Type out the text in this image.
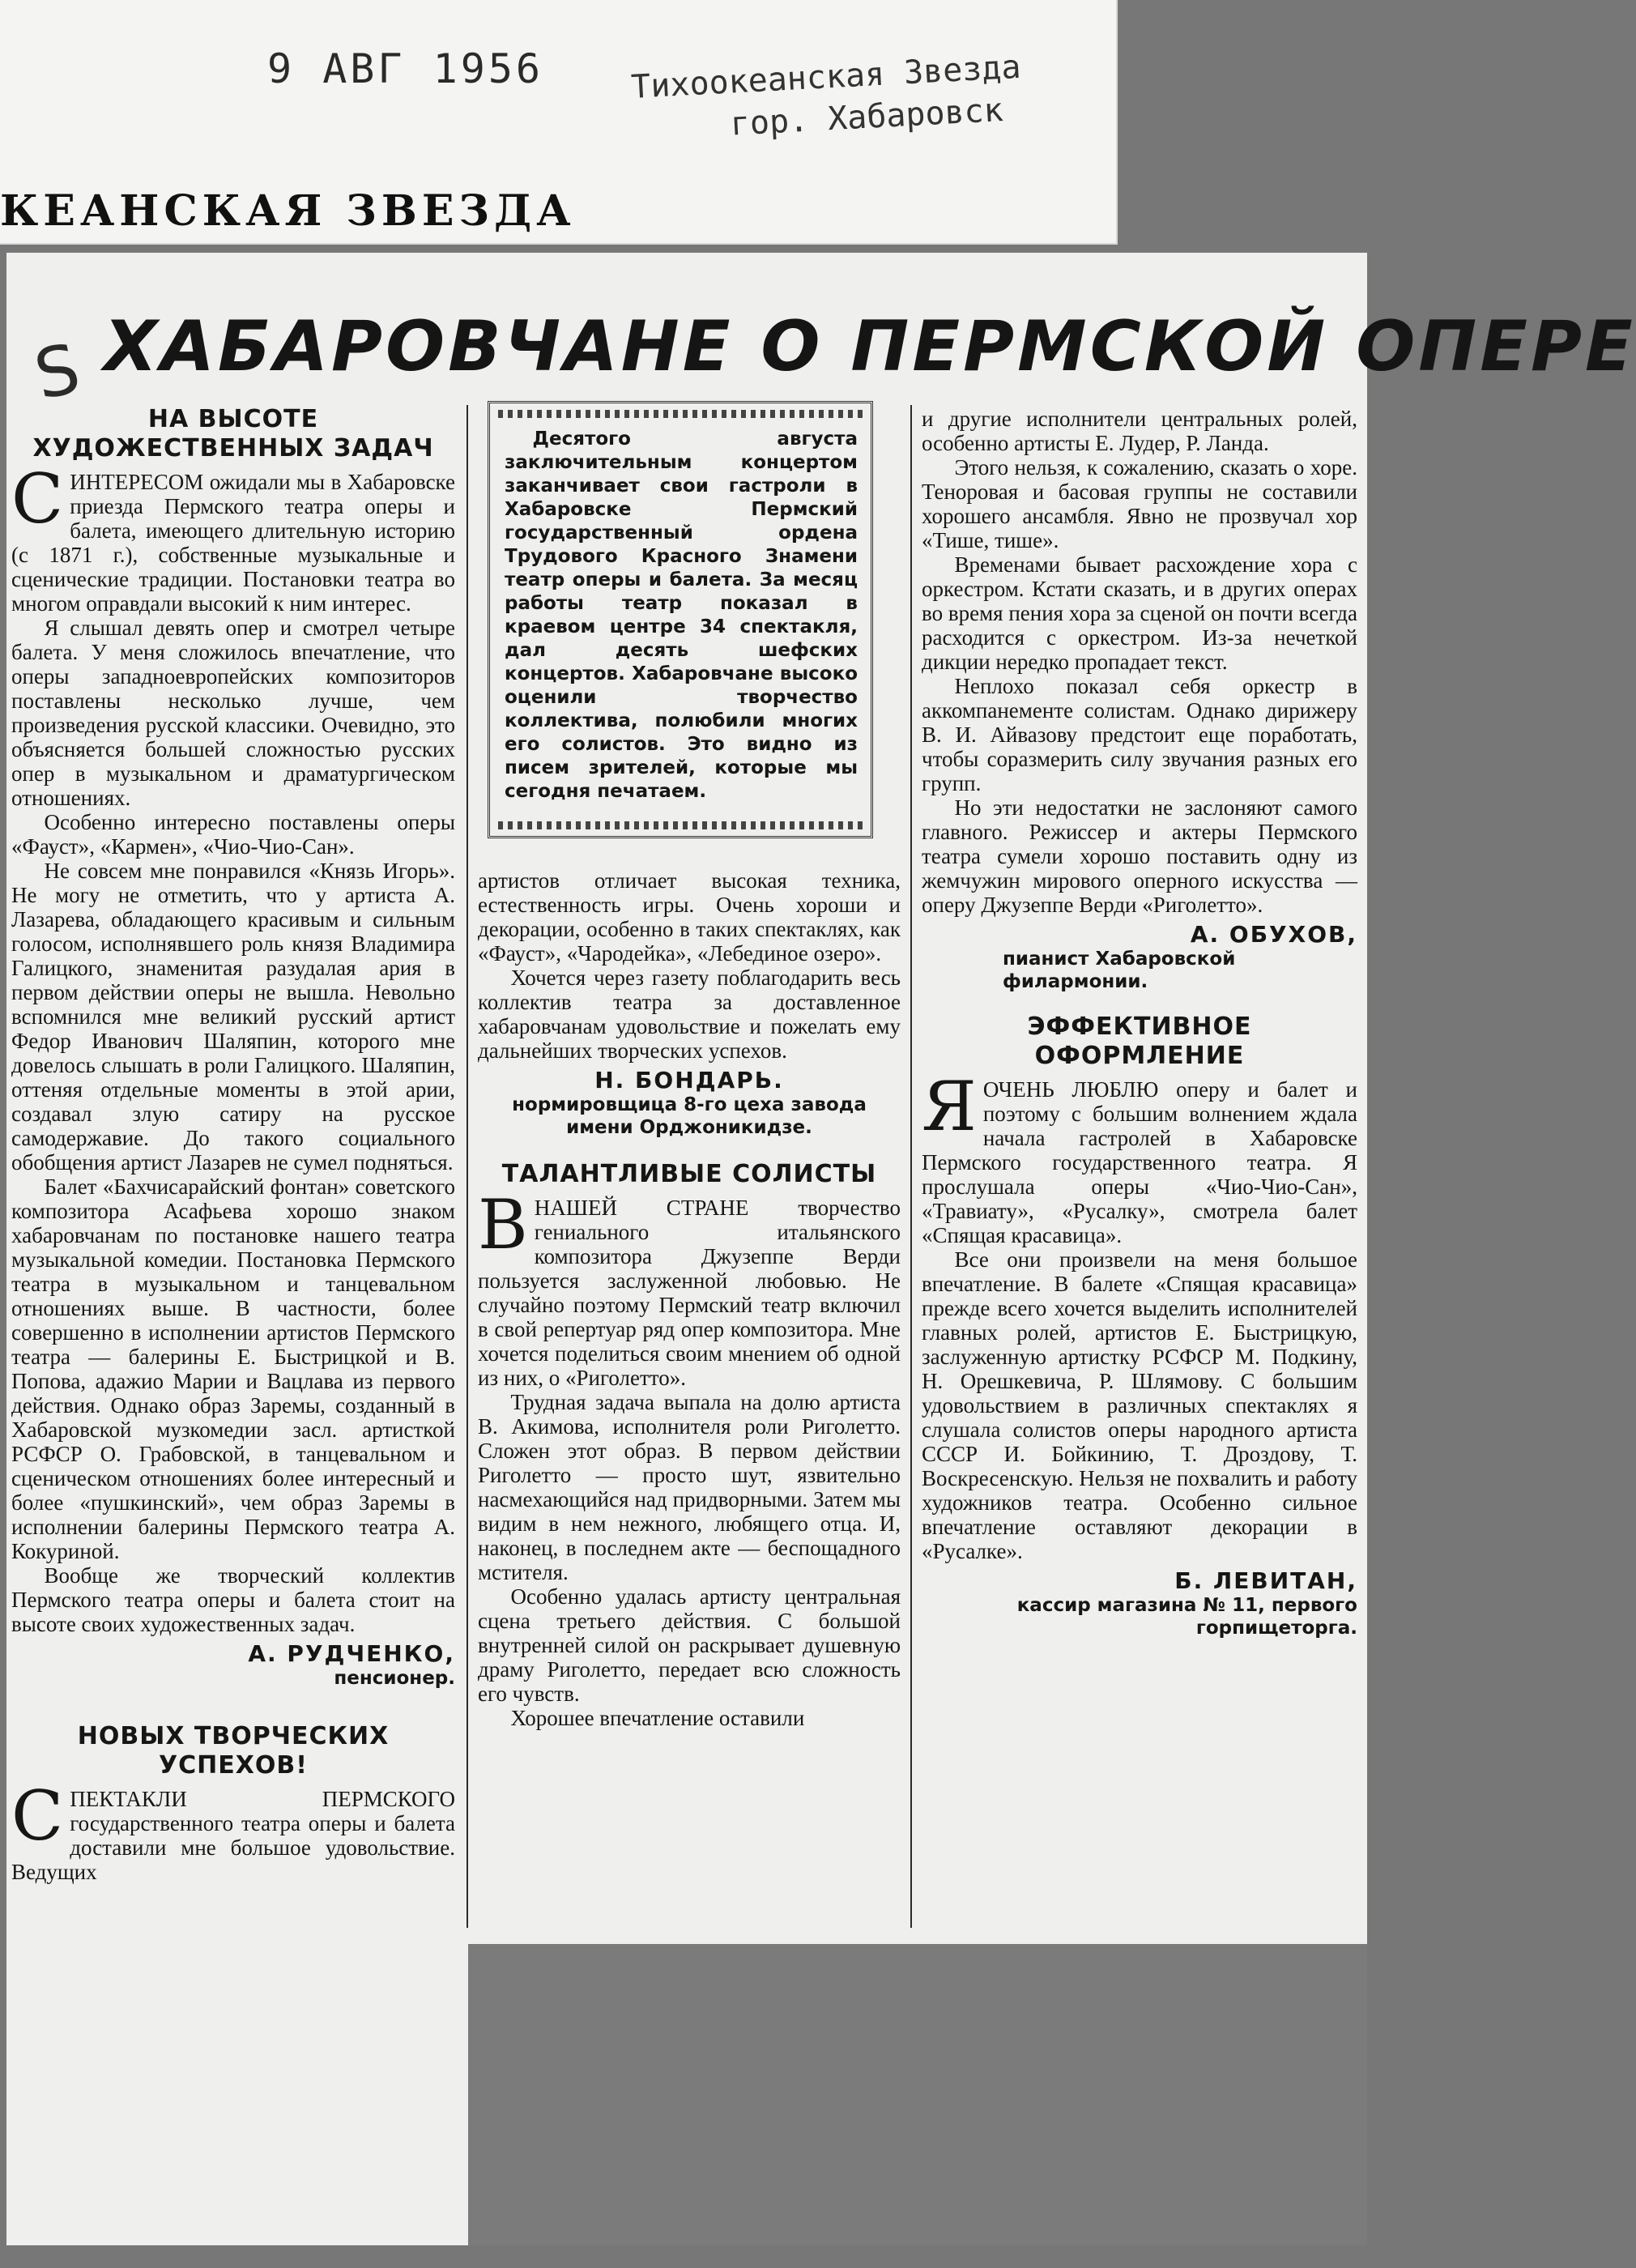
9 АВГ 1956	Тихоокеанская Звезда
гор. Хабаровск
КЕАНСКАЯ ЗВЕЗДА
S ХАБАРОВЧАНЕ О ПЕРМСКОЙ ОПЕРЕ
НА ВЫСОТЕ ХУДОЖЕСТВЕННЫХ ЗАДАЧ

СИНТЕРЕСОМ ожидали мы в Хабаровске приезда Пермского театра оперы и балета, имеющего длительную историю (с 1871 г.), собственные музыкальные и сценические традиции. Постановки театра во многом оправдали высокий к ним интерес.

Я слышал девять опер и смотрел четыре балета. У меня сложилось впечатление, что оперы западноевропейских композиторов поставлены несколько лучше, чем произведения русской классики. Очевидно, это объясняется большей сложностью русских опер в музыкальном и драматургическом отношениях.

Особенно интересно поставлены оперы «Фауст», «Кармен», «Чио-Чио-Сан».

Не совсем мне понравился «Князь Игорь». Не могу не отметить, что у артиста А. Лазарева, обладающего красивым и сильным голосом, исполнявшего роль князя Владимира Галицкого, знаменитая разудалая ария в первом действии оперы не вышла. Невольно вспомнился мне великий русский артист Федор Иванович Шаляпин, которого мне довелось слышать в роли Галицкого. Шаляпин, оттеняя отдельные моменты в этой арии, создавал злую сатиру на русское самодержавие. До такого социального обобщения артист Лазарев не сумел подняться.

Балет «Бахчисарайский фонтан» советского композитора Асафьева хорошо знаком хабаровчанам по постановке нашего театра музыкальной комедии. Постановка Пермского театра в музыкальном и танцевальном отношениях выше. В частности, более совершенно в исполнении артистов Пермского театра — балерины Е. Быстрицкой и В. Попова, адажио Марии и Вацлава из первого действия. Однако образ Заремы, созданный в Хабаровской музкомедии засл. артисткой РСФСР О. Грабовской, в танцевальном и сценическом отношениях более интересный и более «пушкинский», чем образ Заремы в исполнении балерины Пермского театра А. Кокуриной.

Вообще же творческий коллектив Пермского театра оперы и балета стоит на высоте своих художественных задач.

А. РУДЧЕНКО,
пенсионер.
НОВЫХ ТВОРЧЕСКИХ УСПЕХОВ!

СПЕКТАКЛИ ПЕРМСКОГО государственного театра оперы и балета доставили мне большое удовольствие. Ведущих

Десятого августа заключительным концертом заканчивает свои гастроли в Хабаровске Пермский государственный ордена Трудового Красного Знамени театр оперы и балета. За месяц работы театр показал в краевом центре 34 спектакля, дал десять шефских концертов. Хабаровчане высоко оценили творчество коллектива, полюбили многих его солистов. Это видно из писем зрителей, которые мы сегодня печатаем.

артистов отличает высокая техника, естественность игры. Очень хороши и декорации, особенно в таких спектаклях, как «Фауст», «Чародейка», «Лебединое озеро».

Хочется через газету поблагодарить весь коллектив театра за доставленное хабаровчанам удовольствие и пожелать ему дальнейших творческих успехов.

Н. БОНДАРЬ.
нормировщица 8-го цеха завода имени Орджоникидзе.
ТАЛАНТЛИВЫЕ СОЛИСТЫ

ВНАШЕЙ СТРАНЕ творчество гениального итальянского композитора Джузеппе Верди пользуется заслуженной любовью. Не случайно поэтому Пермский театр включил в свой репертуар ряд опер композитора. Мне хочется поделиться своим мнением об одной из них, о «Риголетто».

Трудная задача выпала на долю артиста В. Акимова, исполнителя роли Риголетто. Сложен этот образ. В первом действии Риголетто — просто шут, язвительно насмехающийся над придворными. Затем мы видим в нем нежного, любящего отца. И, наконец, в последнем акте — беспощадного мстителя.

Особенно удалась артисту центральная сцена третьего действия. С большой внутренней силой он раскрывает душевную драму Риголетто, передает всю сложность его чувств.

Хорошее впечатление оставили

и другие исполнители центральных ролей, особенно артисты Е. Лудер, Р. Ланда.

Этого нельзя, к сожалению, сказать о хоре. Теноровая и басовая группы не составили хорошего ансамбля. Явно не прозвучал хор «Тише, тише».

Временами бывает расхождение хора с оркестром. Кстати сказать, и в других операх во время пения хора за сценой он почти всегда расходится с оркестром. Из-за нечеткой дикции нередко пропадает текст.

Неплохо показал себя оркестр в аккомпанементе солистам. Однако дирижеру В. И. Айвазову предстоит еще поработать, чтобы соразмерить силу звучания разных его групп.

Но эти недостатки не заслоняют самого главного. Режиссер и актеры Пермского театра сумели хорошо поставить одну из жемчужин мирового оперного искусства — оперу Джузеппе Верди «Риголетто».

А. ОБУХОВ,
пианист Хабаровской филармонии.
ЭФФЕКТИВНОЕ ОФОРМЛЕНИЕ

ЯОЧЕНЬ ЛЮБЛЮ оперу и балет и поэтому с большим волнением ждала начала гастролей в Хабаровске Пермского государственного театра. Я прослушала оперы «Чио-Чио-Сан», «Травиату», «Русалку», смотрела балет «Спящая красавица».

Все они произвели на меня большое впечатление. В балете «Спящая красавица» прежде всего хочется выделить исполнителей главных ролей, артистов Е. Быстрицкую, заслуженную артистку РСФСР М. Подкину, Н. Орешкевича, Р. Шлямову. С большим удовольствием в различных спектаклях я слушала солистов оперы народного артиста СССР И. Бойкинию, Т. Дроздову, Т. Воскресенскую. Нельзя не похвалить и работу художников театра. Особенно сильное впечатление оставляют декорации в «Русалке».

Б. ЛЕВИТАН,
кассир магазина № 11, первого горпищеторга.
